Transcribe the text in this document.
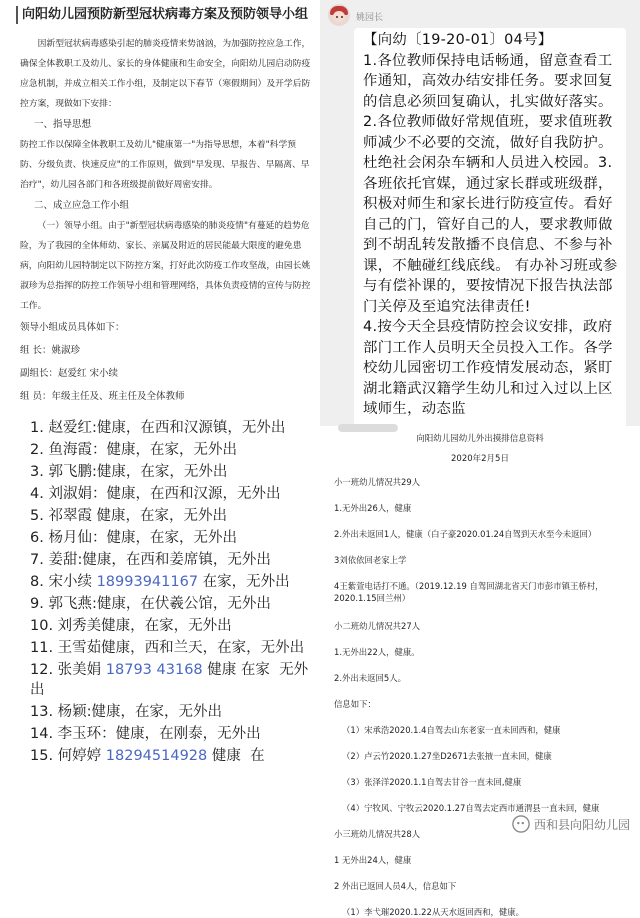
向阳幼儿园预防新型冠状病毒方案及预防领导小组

因新型冠状病毒感染引起的肺炎疫情来势汹汹，为加强防控应急工作，确保全体教职工及幼儿、家长的身体健康和生命安全，向阳幼儿园启动防疫应急机制，并成立相关工作小组，及制定以下春节（寒假期间）及开学后防控方案，现做如下安排：

一、指导思想

防控工作以保障全体教职工及幼儿"健康第一"为指导思想，本着"科学预防、分级负责、快速反应"的工作原则，做到"早发现、早报告、早隔离、早治疗"，幼儿园各部门和各班级提前做好周密安排。

二、成立应急工作小组

（一）领导小组。由于"新型冠状病毒感染的肺炎疫情"有蔓延的趋势危险，为了我园的全体师幼、家长、亲属及附近的居民能最大限度的避免患病，向阳幼儿园特制定以下防控方案，打好此次防疫工作攻坚战，由园长姚淑珍为总指挥的防控工作领导小组和管理网络，具体负责疫情的宣传与防控工作。

领导小组成员具体如下：
组 长：姚淑珍
副组长：赵爱红 宋小续
组 员：年级主任及、班主任及全体教师
姚园长
【向幼〔19-20-01〕04号】
1.各位教师保持电话畅通，留意查看工作通知，高效办结安排任务。要求回复的信息必须回复确认，扎实做好落实。
2.各位教师做好常规值班，要求值班教师减少不必要的交流，做好自我防护。杜绝社会闲杂车辆和人员进入校园。3.各班依托官媒，通过家长群或班级群，积极对师生和家长进行防疫宣传。看好自己的门，管好自己的人，要求教师做到不胡乱转发散播不良信息、不参与补课，不触碰红线底线。 有办补习班或参与有偿补课的，要按情况下报告执法部门关停及至追究法律责任!
4.按今天全县疫情防控会议安排，政府部门工作人员明天全员投入工作。各学校幼儿园密切工作疫情发展动态，紧盯湖北籍武汉籍学生幼儿和过入过以上区域师生，动态监
1. 赵爱红:健康，在西和汉源镇，无外出
2. 鱼海霞：健康，在家，无外出
3. 郭飞鹏:健康，在家，无外出
4. 刘淑娟：健康，在西和汉源，无外出
5. 祁翠霞 健康，在家，无外出
6. 杨月仙：健康，在家，无外出
7. 姜甜:健康，在西和姜席镇，无外出
8. 宋小续 18993941167 在家，无外出
9. 郭飞燕:健康，在伏羲公馆，无外出
10. 刘秀美健康，在家，无外出
11. 王雪茹健康，西和兰天，在家，无外出
12. 张美娟 18793 43168 健康 在家  无外出
13. 杨颖:健康，在家，无外出
14. 李玉环：健康，在刚泰，无外出
15. 何婷婷 18294514928 健康  在
向阳幼儿园幼儿外出摸排信息资料
2020年2月5日
小一班幼儿情况共29人
1.无外出26人，健康
2.外出未返回1人，健康（白子豪2020.01.24自驾到天水至今未返回）
3刘依依回老家上学
4王紫萱电话打不通。（2019.12.19 自驾回湖北省天门市彭市镇王桥村，2020.1.15回兰州）
小二班幼儿情况共27人
1.无外出22人，健康。
2.外出未返回5人。
信息如下：
（1）宋承浩2020.1.4自驾去山东老家一直未回西和，健康
（2）卢云竹2020.1.27坐D2671去张掖一直未回，健康
（3）张泽洋2020.1.1自驾去甘谷一直未回,健康
（4）宁牧风、宁牧云2020.1.27自驾去定西市通渭县一直未回，健康
小三班幼儿情况共28人
1 无外出24人，健康
2 外出已返回人员4人，信息如下
（1）李弋璀2020.1.22从天水返回西和，健康。
西和县向阳幼儿园
